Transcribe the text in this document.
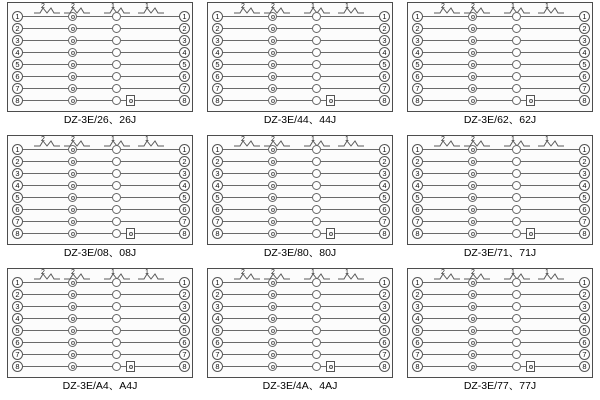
2	2	1	1
1	1
2	2
3	3
4	4
5	5
6	6
7	7
8	8
DZ-3E/26、26J
2	2	1	1
1	1
2	2
3	3
4	4
5	5
6	6
7	7
8	8
DZ-3E/44、44J
2	2	1	1
1	1
2	2
3	3
4	4
5	5
6	6
7	7
8	8
DZ-3E/62、62J
2	2	1	1
1	1
2	2
3	3
4	4
5	5
6	6
7	7
8	8
DZ-3E/08、08J
2	2	1	1
1	1
2	2
3	3
4	4
5	5
6	6
7	7
8	8
DZ-3E/80、80J
2	2	1	1
1	1
2	2
3	3
4	4
5	5
6	6
7	7
8	8
DZ-3E/71、71J
2	2	1	1
1	1
2	2
3	3
4	4
5	5
6	6
7	7
8	8
DZ-3E/A4、A4J
2	2	1	1
1	1
2	2
3	3
4	4
5	5
6	6
7	7
8	8
DZ-3E/4A、4AJ
2	2	1	1
1	1
2	2
3	3
4	4
5	5
6	6
7	7
8	8
DZ-3E/77、77J
